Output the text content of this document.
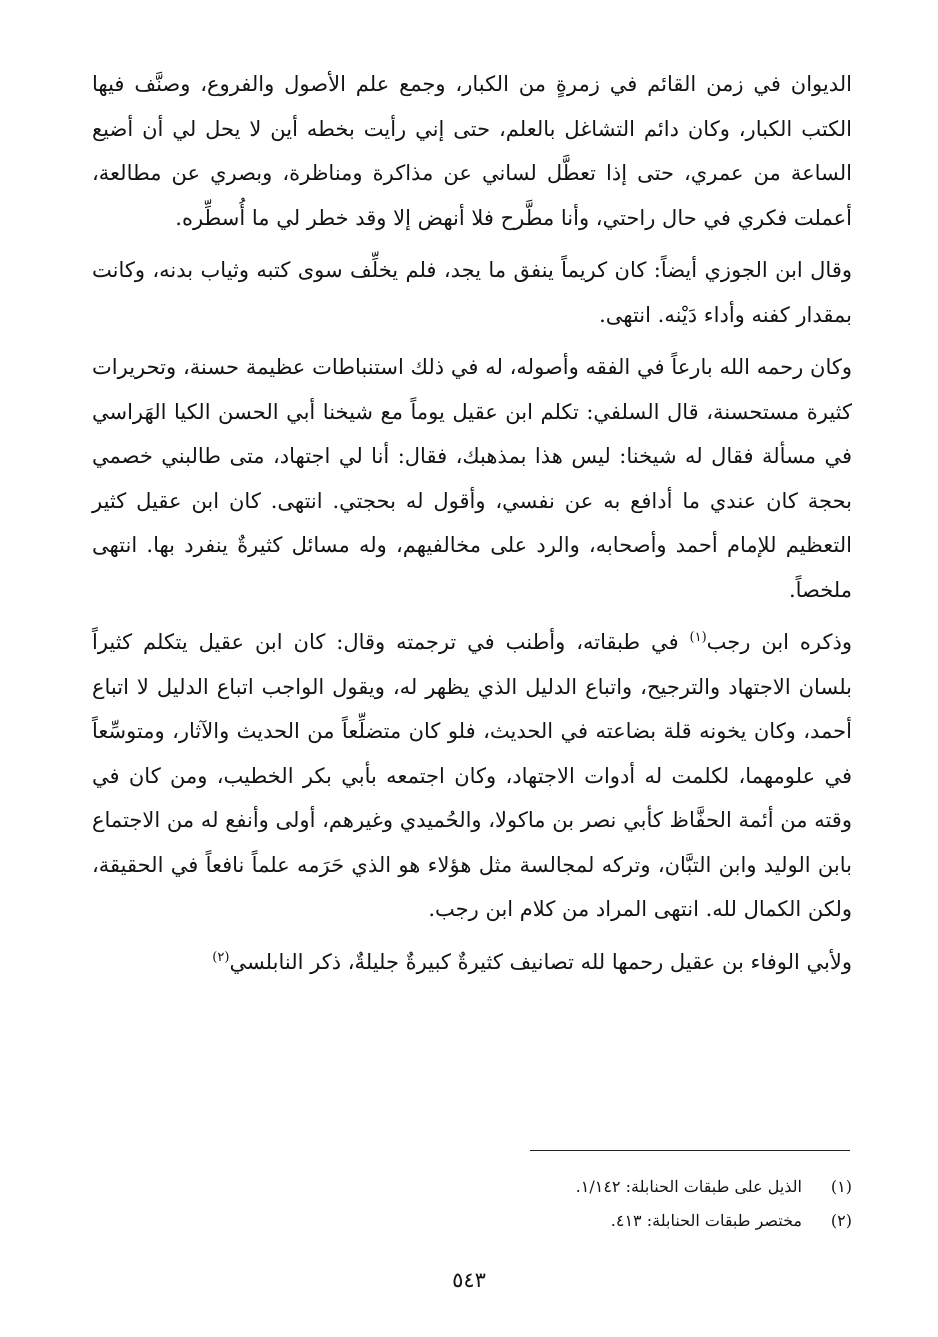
الديوان في زمن القائم في زمرةٍ من الكبار، وجمع علم الأصول والفروع، وصنَّف فيها الكتب الكبار، وكان دائم التشاغل بالعلم، حتى إني رأيت بخطه أين لا يحل لي أن أضيع الساعة من عمري، حتى إذا تعطَّل لساني عن مذاكرة ومناظرة، وبصري عن مطالعة، أعملت فكري في حال راحتي، وأنا مطَّرح فلا أنهض إلا وقد خطر لي ما أُسطِّره.

وقال ابن الجوزي أيضاً: كان كريماً ينفق ما يجد، فلم يخلِّف سوى كتبه وثياب بدنه، وكانت بمقدار كفنه وأداء دَيْنه. انتهى.

وكان رحمه الله بارعاً في الفقه وأصوله، له في ذلك استنباطات عظيمة حسنة، وتحريرات كثيرة مستحسنة، قال السلفي: تكلم ابن عقيل يوماً مع شيخنا أبي الحسن الكيا الهَراسي في مسألة فقال له شيخنا: ليس هذا بمذهبك، فقال: أنا لي اجتهاد، متى طالبني خصمي بحجة كان عندي ما أدافع به عن نفسي، وأقول له بحجتي. انتهى. كان ابن عقيل كثير التعظيم للإمام أحمد وأصحابه، والرد على مخالفيهم، وله مسائل كثيرةٌ ينفرد بها. انتهى ملخصاً.

وذكره ابن رجب$^{(١)}$ في طبقاته، وأطنب في ترجمته وقال: كان ابن عقيل يتكلم كثيراً بلسان الاجتهاد والترجيح، واتباع الدليل الذي يظهر له، ويقول الواجب اتباع الدليل لا اتباع أحمد، وكان يخونه قلة بضاعته في الحديث، فلو كان متضلِّعاً من الحديث والآثار، ومتوسِّعاً في علومهما، لكلمت له أدوات الاجتهاد، وكان اجتمعه بأبي بكر الخطيب، ومن كان في وقته من أئمة الحفَّاظ كأبي نصر بن ماكولا، والحُميدي وغيرهم، أولى وأنفع له من الاجتماع بابن الوليد وابن التبَّان، وتركه لمجالسة مثل هؤلاء هو الذي حَرَمه علماً نافعاً في الحقيقة، ولكن الكمال لله. انتهى المراد من كلام ابن رجب.

ولأبي الوفاء بن عقيل رحمها لله تصانيف كثيرةٌ كبيرةٌ جليلةٌ، ذكر النابلسي$^{(٢)}$

(١)
الذيل على طبقات الحنابلة: ١/١٤٢.
(٢)
مختصر طبقات الحنابلة: ٤١٣.
٥٤٣
